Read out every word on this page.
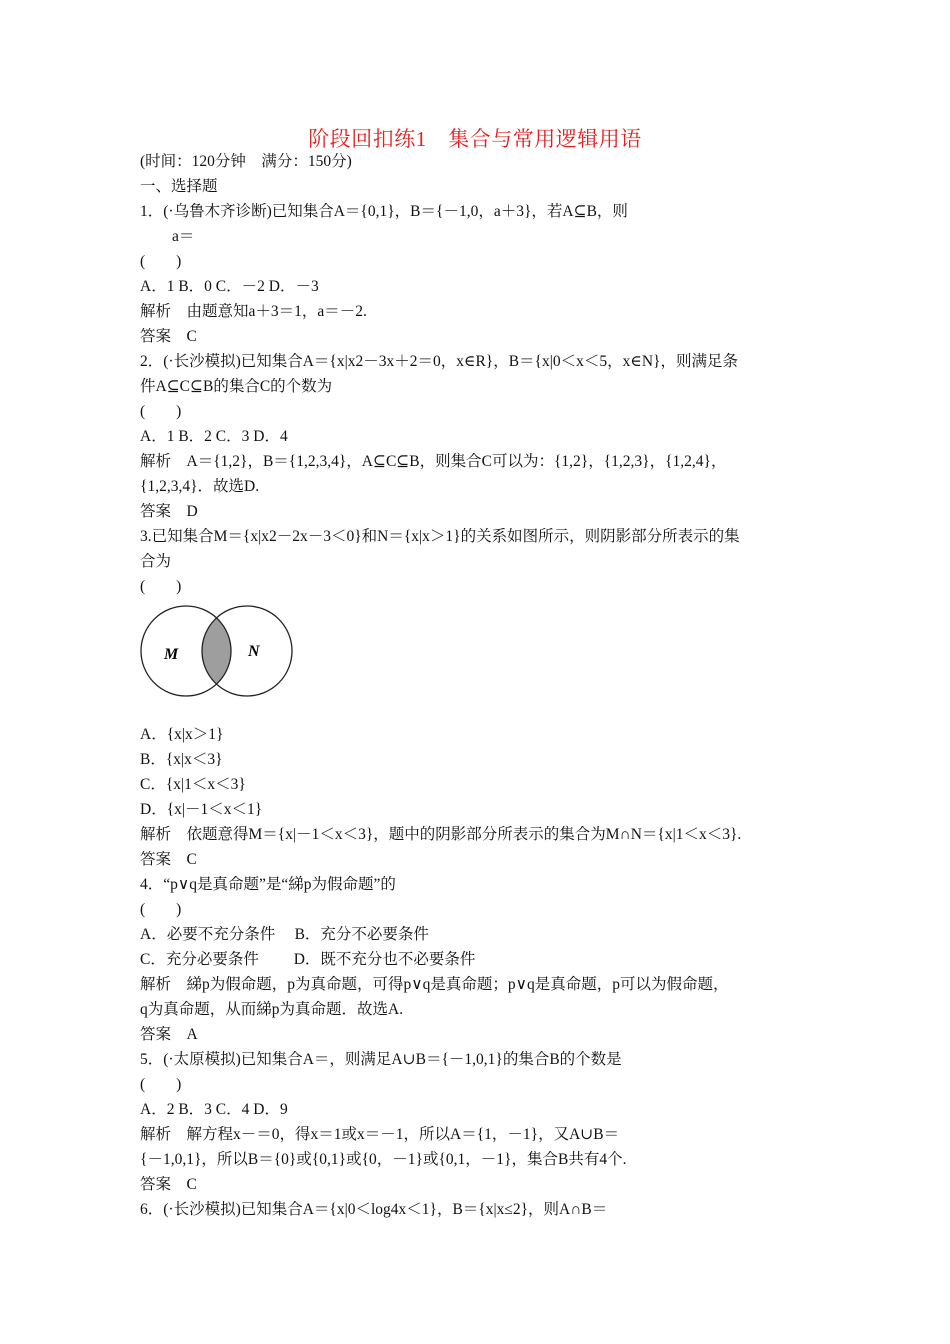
阶段回扣练1　集合与常用逻辑用语
(时间：120分钟　满分：150分)
一、选择题
1．(·乌鲁木齐诊断)已知集合A＝{0,1}，B＝{－1,0，a＋3}，若A⊆B，则
a＝
(　　)
A．1 B．0 C．－2 D．－3
解析　由题意知a＋3＝1，a＝－2.
答案　C
2．(·长沙模拟)已知集合A＝{x|x2－3x＋2＝0，x∈R}，B＝{x|0＜x＜5，x∈N}，则满足条
件A⊆C⊆B的集合C的个数为
(　　)
A．1 B．2 C．3 D．4
解析　A＝{1,2}，B＝{1,2,3,4}，A⊆C⊆B，则集合C可以为：{1,2}，{1,2,3}，{1,2,4}，
{1,2,3,4}．故选D.
答案　D
3.已知集合M＝{x|x2－2x－3＜0}和N＝{x|x＞1}的关系如图所示，则阴影部分所表示的集
合为
(　　)
M	N
A．{x|x＞1}
B．{x|x＜3}
C．{x|1＜x＜3}
D．{x|－1＜x＜1}
解析　依题意得M＝{x|－1＜x＜3}，题中的阴影部分所表示的集合为M∩N＝{x|1＜x＜3}.
答案　C
4．“p∨q是真命题”是“綈p为假命题”的
(　　)
A．必要不充分条件　 B．充分不必要条件
C．充分必要条件　　 D．既不充分也不必要条件
解析　綈p为假命题，p为真命题，可得p∨q是真命题；p∨q是真命题，p可以为假命题，
q为真命题，从而綈p为真命题．故选A.
答案　A
5．(·太原模拟)已知集合A＝，则满足A∪B＝{－1,0,1}的集合B的个数是
(　　)
A．2 B．3 C．4 D．9
解析　解方程x－＝0，得x＝1或x＝－1，所以A＝{1，－1}，又A∪B＝
{－1,0,1}，所以B＝{0}或{0,1}或{0，－1}或{0,1，－1}，集合B共有4个.
答案　C
6．(·长沙模拟)已知集合A＝{x|0＜log4x＜1}，B＝{x|x≤2}，则A∩B＝
